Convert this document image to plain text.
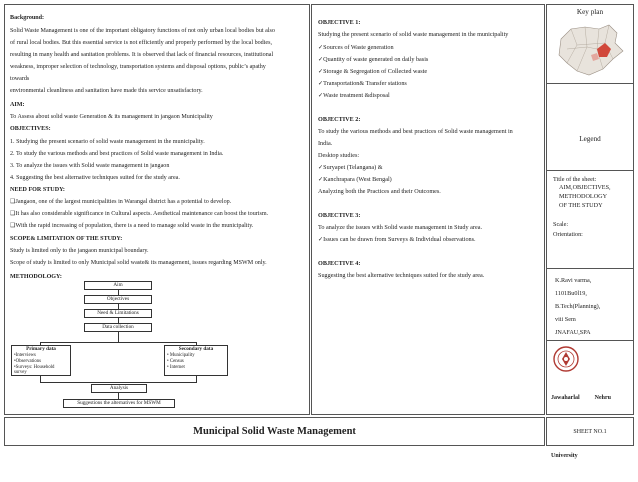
Background:
Solid Waste Management is one of the important obligatory functions of not only urban local bodies but also
of rural local bodies. But this essential service is not efficiently and properly performed by the local bodies,
resulting in many health and sanitation problems. It is observed that lack of financial resources, institutional
weakness, improper selection of technology, transportation systems and disposal options, public’s apathy
towards
environmental cleanliness and sanitation have made this service unsatisfactory.
AIM:
To Assess about solid waste Generation & its management in jangaon Municipality
OBJECTIVES:
1. Studying the present scenario of solid waste management in the municipality.
2. To study the various methods and best practices of Solid waste management in India.
3. To analyze the issues with Solid waste management in jangaon
4. Suggesting the best alternative techniques suited for the study area.
NEED FOR STUDY:
❑Jangaon, one of the largest municipalities in Warangal district has a potential to develop.
❑It has also considerable significance in Cultural aspects. Aesthetical maintenance can boost the tourism.
❑With the rapid increasing of population, there is a need to manage solid waste in the municipality.
SCOPE& LIMITATION OF THE STUDY:
Study is limited only to the jangaon municipal boundary.
Scope of study is limited to only Municipal solid waste& its management, issues regarding MSWM only.
METHODOLOGY:
Aim
Objectives
Need & Limitations
Data collection
Primary data
•Interviews
•Observations
•Surveys: Household
survey
Secondary data
• Municipality
• Census
• Internet
Analysis
Suggestions the alternatives for MSWM
OBJECTIVE 1:
Studying the present scenario of solid waste management in the municipality
✓Sources of Waste generation
✓Quantity of waste generated on daily basis
✓Storage & Segregation of Collected waste
✓Transportation& Transfer stations
✓Waste treatment &disposal
OBJECTIVE 2:
To study the various methods and best practices of Solid waste management in
India.
Desktop studies:
✓Suryapet (Telangana) &
✓Kanchrapara (West Bengal)
Analyzing both the Practices and their Outcomes.
OBJECTIVE 3:
To analyze the issues with Solid waste management in Study area.
✓Issues can be drawn from Surveys & Individual observations.
OBJECTIVE 4:
Suggesting the best alternative techniques suited for the study area.
Key plan
Legend
Title of the sheet:
AIM,OBJECTIVES,
METHODOLOGY
OF THE STUDY
Scale:
Orientation:
K.Ravi varma,
1101Bu0l19,
B.Tech(Planning),
viii Sem
JNAFAU,SPA

Jawaharlal          Nehru

University

Municipal Solid Waste Management	SHEET NO.1
